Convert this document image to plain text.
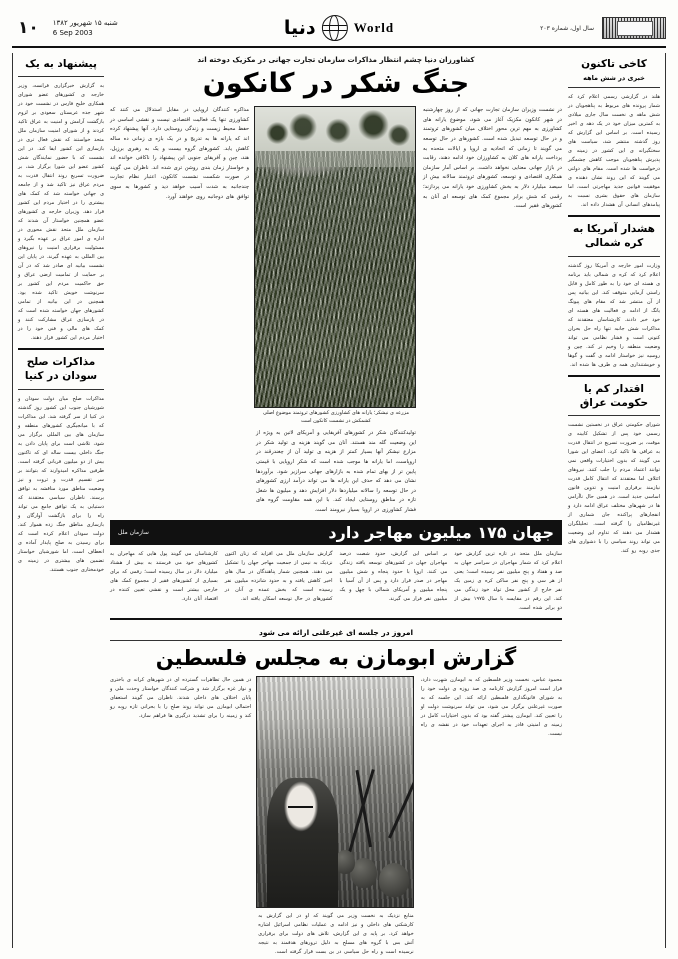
سال اول، شماره ۲۰۳
World
دنیا
شنبه ۱۵ شهریور ۱۳۸۲
6 Sep 2003
۱۰
کاخی تاکنون
خبری در شش ماهه
هلند در گزارشی رسمی اعلام کرد که شمار پرونده های مربوط به پناهجویان در شش ماهه ی نخست سال جاری میلادی به کمترین میزان خود در یک دهه ی اخیر رسیده است. بر اساس این گزارش که روز گذشته منتشر شد، سیاست های سختگیرانه ی این کشور در زمینه ی پذیرش پناهجویان موجب کاهش چشمگیر درخواست ها شده است. مقام های دولتی می گویند که این روند نشان دهنده ی موفقیت قوانین جدید مهاجرتی است، اما سازمان های حقوق بشری نسبت به پیامدهای انسانی آن هشدار داده اند.
هشدار آمریکا به کره شمالی
وزارت امور خارجه ی آمریکا روز گذشته اعلام کرد که کره ی شمالی باید برنامه ی هسته ای خود را به طور کامل و قابل راستی آزمایی متوقف کند. این بیانیه پس از آن منتشر شد که مقام های پیونگ یانگ از ادامه ی فعالیت های هسته ای خود خبر دادند. کارشناسان معتقدند که مذاکرات شش جانبه تنها راه حل بحران کنونی است و فشار نظامی می تواند وضعیت منطقه را وخیم تر کند. چین و روسیه نیز خواستار ادامه ی گفت و گوها و خویشتنداری همه ی طرف ها شده اند.
اقتدار کم یا حکومت عراق
شورای حکومتی عراق در نخستین نشست رسمی خود پس از تشکیل کابینه ی موقت، بر ضرورت تسریع در انتقال قدرت به عراقی ها تاکید کرد. اعضای این شورا می گویند که بدون اختیارات واقعی نمی توانند اعتماد مردم را جلب کنند. نیروهای ائتلاف اما معتقدند که انتقال کامل قدرت نیازمند برقراری امنیت و تدوین قانون اساسی جدید است. در همین حال ناآرامی ها در شهرهای مختلف عراق ادامه دارد و انفجارهای پراکنده جان شماری از غیرنظامیان را گرفته است. تحلیلگران هشدار می دهند که تداوم این وضعیت می تواند روند سیاسی را با دشواری های جدی روبه رو کند.
کشاورزان دنیا چشم انتظار مذاکرات سازمان تجارت جهانی در مکزیک دوخته اند
جنگ شکر در کانکون
در نشست وزیران سازمان تجارت جهانی که از روز چهارشنبه در شهر کانکون مکزیک آغاز می شود، موضوع یارانه های کشاورزی به مهم ترین محور اختلاف میان کشورهای ثروتمند و در حال توسعه تبدیل شده است. کشورهای در حال توسعه می گویند تا زمانی که اتحادیه ی اروپا و ایالات متحده به پرداخت یارانه های کلان به کشاورزان خود ادامه دهند، رقابت در بازار جهانی معنایی نخواهد داشت. بر اساس آمار سازمان همکاری اقتصادی و توسعه، کشورهای ثروتمند سالانه بیش از سیصد میلیارد دلار به بخش کشاورزی خود یارانه می پردازند؛ رقمی که شش برابر مجموع کمک های توسعه ای آنان به کشورهای فقیر است.
مزرعه ی نیشکر؛ یارانه های کشاورزی کشورهای ثروتمند موضوع اصلی کشمکش در نشست کانکون است
تولیدکنندگان شکر در کشورهای آفریقایی و آمریکای لاتین به ویژه از این وضعیت گله مند هستند. آنان می گویند هزینه ی تولید شکر در مزارع نیشکر آنها بسیار کمتر از هزینه ی تولید آن از چغندرقند در اروپاست، اما یارانه ها موجب شده است که شکر اروپایی با قیمتی پایین تر از بهای تمام شده به بازارهای جهانی سرازیر شود. برآوردها نشان می دهد که حذف این یارانه ها می تواند درآمد ارزی کشورهای در حال توسعه را سالانه میلیاردها دلار افزایش دهد و میلیون ها شغل تازه در مناطق روستایی ایجاد کند. با این همه مقاومت گروه های فشار کشاورزی در اروپا بسیار نیرومند است.
مذاکره کنندگان اروپایی در مقابل استدلال می کنند که کشاورزی تنها یک فعالیت اقتصادی نیست و نقشی اساسی در حفظ محیط زیست و زندگی روستایی دارد. آنها پیشنهاد کرده اند که یارانه ها به تدریج و در یک بازه ی زمانی ده ساله کاهش یابد. کشورهای گروه بیست و یک به رهبری برزیل، هند، چین و آفریقای جنوبی این پیشنهاد را ناکافی خوانده اند و خواستار زمان بندی روشن تری شده اند. ناظران می گویند در صورت شکست نشست کانکون، اعتبار نظام تجارت چندجانبه به شدت آسیب خواهد دید و کشورها به سوی توافق های دوجانبه روی خواهند آورد.
جهان ۱۷۵ میلیون مهاجر دارد
سازمان ملل
سازمان ملل متحد در تازه ترین گزارش خود اعلام کرد که شمار مهاجران در سراسر جهان به صد و هفتاد و پنج میلیون نفر رسیده است؛ یعنی از هر سی و پنج نفر ساکن کره ی زمین یک نفر خارج از کشور محل تولد خود زندگی می کند. این رقم در مقایسه با سال ۱۹۷۵ بیش از دو برابر شده است.
بر اساس این گزارش، حدود شصت درصد مهاجران جهان در کشورهای توسعه یافته زندگی می کنند. اروپا با حدود پنجاه و شش میلیون مهاجر در صدر قرار دارد و پس از آن آسیا با پنجاه میلیون و آمریکای شمالی با چهل و یک میلیون نفر قرار می گیرند.
گزارش سازمان ملل می افزاید که زنان اکنون نزدیک به نیمی از جمعیت مهاجر جهان را تشکیل می دهند. همچنین شمار پناهندگان در سال های اخیر کاهش یافته و به حدود شانزده میلیون نفر رسیده است که بخش عمده ی آنان در کشورهای در حال توسعه اسکان یافته اند.
کارشناسان می گویند پول هایی که مهاجران به کشورهای خود می فرستند به بیش از هشتاد میلیارد دلار در سال رسیده است؛ رقمی که برای بسیاری از کشورهای فقیر از مجموع کمک های خارجی بیشتر است و نقشی تعیین کننده در اقتصاد آنان دارد.
امروز در جلسه ای غیرعلنی ارائه می شود
گزارش ابومازن به مجلس فلسطین
محمود عباس، نخست وزیر فلسطین که به ابومازن شهرت دارد، قرار است امروز گزارش کارنامه ی صد روزه ی دولت خود را به شورای قانونگذاری فلسطین ارائه کند. این جلسه که به صورت غیرعلنی برگزار می شود، می تواند سرنوشت دولت او را تعیین کند. ابومازن پیشتر گفته بود که بدون اختیارات کامل در زمینه ی امنیتی قادر به اجرای تعهدات خود در نقشه ی راه نیست.
منابع نزدیک به نخست وزیر می گویند که او در این گزارش به کارشکنی های داخلی و نیز ادامه ی عملیات نظامی اسرائیل اشاره خواهد کرد. بر پایه ی این گزارش، تلاش های دولت برای برقراری آتش بس با گروه های مسلح به دلیل ترورهای هدفمند به نتیجه نرسیده است و راه حل سیاسی در بن بست قرار گرفته است.
در همین حال تظاهرات گسترده ای در شهرهای کرانه ی باختری و نوار غزه برگزار شد و شرکت کنندگان خواستار وحدت ملی و پایان اختلاف های داخلی شدند. ناظران می گویند استعفای احتمالی ابومازن می تواند روند صلح را با بحرانی تازه روبه رو کند و زمینه را برای تشدید درگیری ها فراهم سازد.
پیشنهاد به یک
به گزارش خبرگزاری فرانسه، وزیر خارجه ی کشورهای عضو شورای همکاری خلیج فارس در نشست خود در شهر جده عربستان سعودی بر لزوم بازگشت آرامش و امنیت به عراق تاکید کردند و از شورای امنیت سازمان ملل متحد خواستند که نقش فعال تری در بازسازی این کشور ایفا کند. در این نشست که با حضور نمایندگان شش کشور عضو این شورا برگزار شد، بر ضرورت تسریع روند انتقال قدرت به مردم عراق نیز تاکید شد و از جامعه ی جهانی خواسته شد که کمک های بیشتری را در اختیار مردم این کشور قرار دهد. وزیران خارجه ی کشورهای عضو همچنین خواستار آن شدند که سازمان ملل متحد نقش محوری در اداره ی امور عراق بر عهده بگیرد و مسئولیت برقراری امنیت را نیروهای بین المللی به عهده گیرند. در پایان این نشست بیانیه ای صادر شد که در آن بر حمایت از تمامیت ارضی عراق و حق حاکمیت مردم این کشور بر سرنوشت خویش تاکید شده بود. همچنین در این بیانیه از تمامی کشورهای جهان خواسته شده است که در بازسازی عراق مشارکت کنند و کمک های مالی و فنی خود را در اختیار مردم این کشور قرار دهند.
مذاکرات صلح سودان در کنیا
مذاکرات صلح میان دولت سودان و شورشیان جنوب این کشور روز گذشته در کنیا از سر گرفته شد. این مذاکرات که با میانجیگری کشورهای منطقه و سازمان های بین المللی برگزار می شود، تلاشی است برای پایان دادن به جنگ داخلی بیست ساله ای که تاکنون بیش از دو میلیون قربانی گرفته است. طرفین مذاکره امیدوارند که بتوانند بر سر تقسیم قدرت و ثروت و نیز وضعیت مناطق مورد مناقشه به توافق برسند. ناظران سیاسی معتقدند که دستیابی به یک توافق جامع می تواند راه را برای بازگشت آوارگان و بازسازی مناطق جنگ زده هموار کند. دولت سودان اعلام کرده است که برای رسیدن به صلح پایدار آماده ی انعطاف است، اما شورشیان خواستار تضمین های بیشتری در زمینه ی خودمختاری جنوب هستند.
